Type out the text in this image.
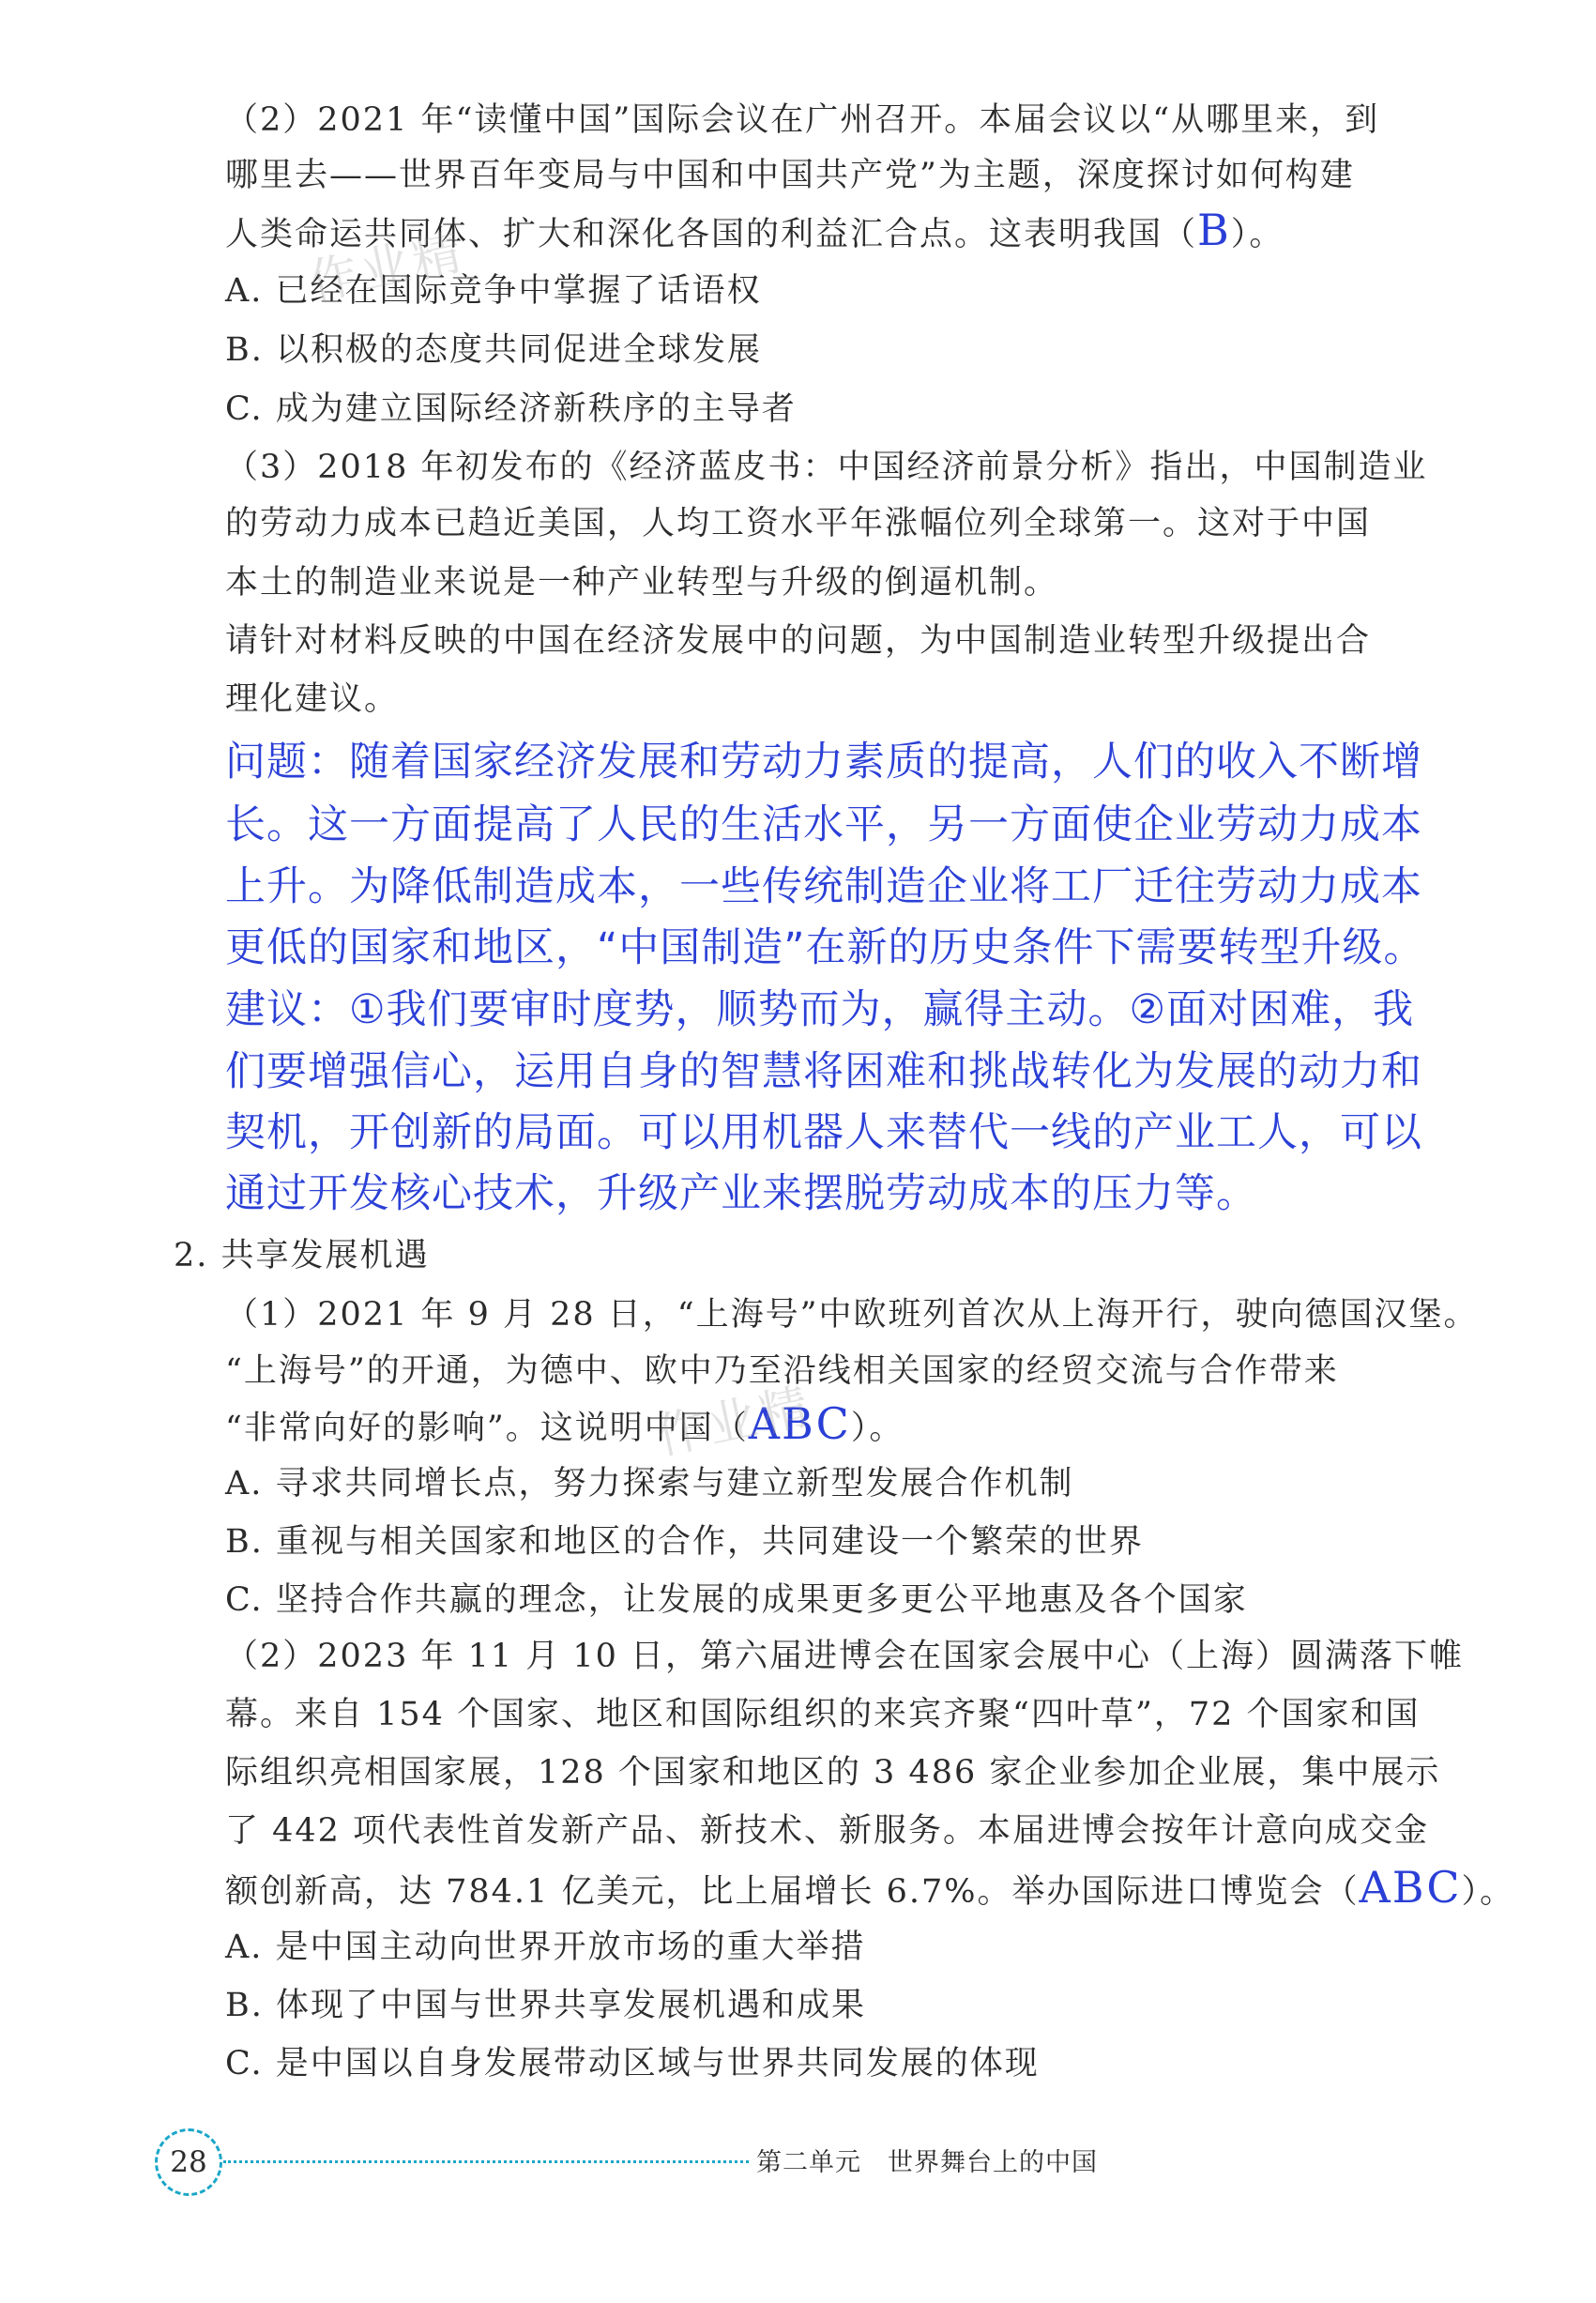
（2）2021 年“读懂中国”国际会议在广州召开。本届会议以“从哪里来，到
哪里去——世界百年变局与中国和中国共产党”为主题，深度探讨如何构建
人类命运共同体、扩大和深化各国的利益汇合点。这表明我国（B）。
A. 已经在国际竞争中掌握了话语权
B. 以积极的态度共同促进全球发展
C. 成为建立国际经济新秩序的主导者
（3）2018 年初发布的《经济蓝皮书：中国经济前景分析》指出，中国制造业
的劳动力成本已趋近美国，人均工资水平年涨幅位列全球第一。这对于中国
本土的制造业来说是一种产业转型与升级的倒逼机制。
请针对材料反映的中国在经济发展中的问题，为中国制造业转型升级提出合
理化建议。
问题：随着国家经济发展和劳动力素质的提高，人们的收入不断增
长。这一方面提高了人民的生活水平，另一方面使企业劳动力成本
上升。为降低制造成本，一些传统制造企业将工厂迁往劳动力成本
更低的国家和地区，“中国制造”在新的历史条件下需要转型升级。
建议：①我们要审时度势，顺势而为，赢得主动。②面对困难，我
们要增强信心，运用自身的智慧将困难和挑战转化为发展的动力和
契机，开创新的局面。可以用机器人来替代一线的产业工人，可以
通过开发核心技术，升级产业来摆脱劳动成本的压力等。
2. 共享发展机遇
（1）2021 年 9 月 28 日，“上海号”中欧班列首次从上海开行，驶向德国汉堡。
“上海号”的开通，为德中、欧中乃至沿线相关国家的经贸交流与合作带来
“非常向好的影响”。这说明中国（ABC）。
A. 寻求共同增长点，努力探索与建立新型发展合作机制
B. 重视与相关国家和地区的合作，共同建设一个繁荣的世界
C. 坚持合作共赢的理念，让发展的成果更多更公平地惠及各个国家
（2）2023 年 11 月 10 日，第六届进博会在国家会展中心（上海）圆满落下帷
幕。来自 154 个国家、地区和国际组织的来宾齐聚“四叶草”，72 个国家和国
际组织亮相国家展，128 个国家和地区的 3 486 家企业参加企业展，集中展示
了 442 项代表性首发新产品、新技术、新服务。本届进博会按年计意向成交金
额创新高，达 784.1 亿美元，比上届增长 6.7%。举办国际进口博览会（ABC）。
A. 是中国主动向世界开放市场的重大举措
B. 体现了中国与世界共享发展机遇和成果
C. 是中国以自身发展带动区域与世界共同发展的体现
作业精灵
作业精灵
28	第二单元　世界舞台上的中国
